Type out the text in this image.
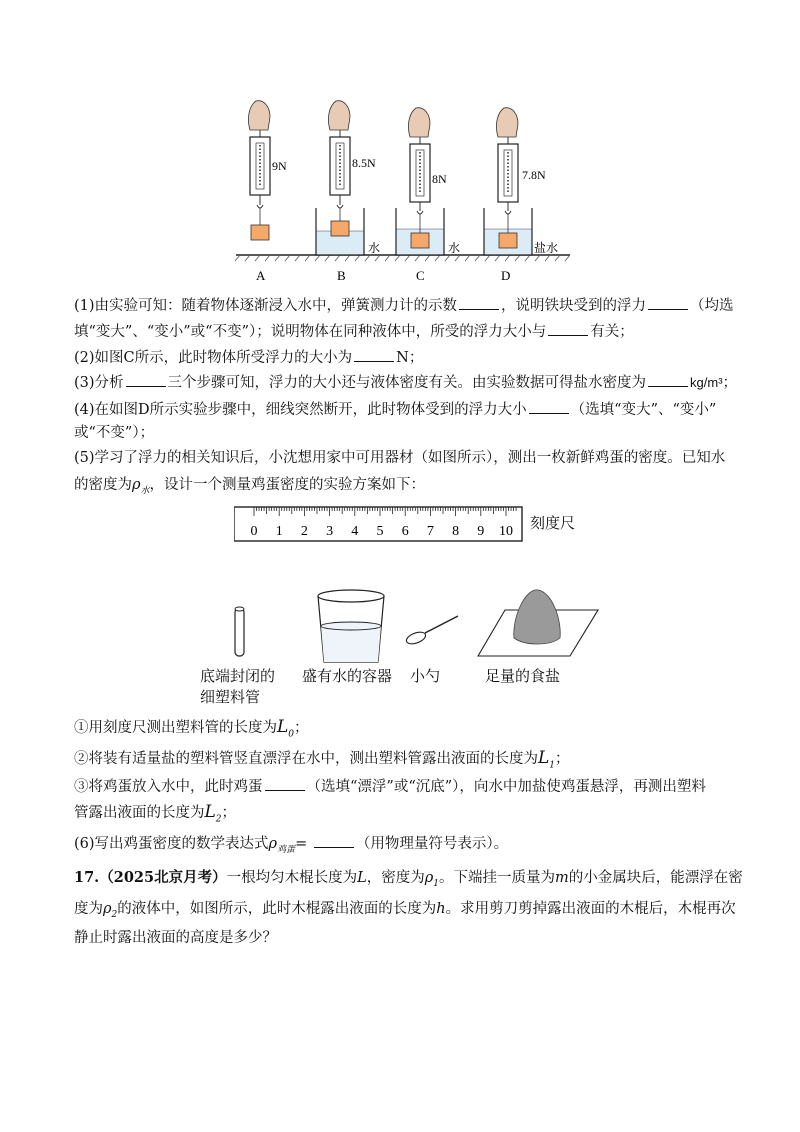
9N	8.5N
水
8N
水
7.8N
盐水
A	B	C	D
(1)由实验可知：随着物体逐渐浸入水中，弹簧测力计的示数	，说明铁块受到的浮力	（均选
填“变大”、“变小”或“不变”）；说明物体在同种液体中，所受的浮力大小与	有关；
(2)如图C所示，此时物体所受浮力的大小为	N；
(3)分析	三个步骤可知，浮力的大小还与液体密度有关。由实验数据可得盐水密度为	kg/m³；
(4)在如图D所示实验步骤中，细线突然断开，此时物体受到的浮力大小	（选填“变大”、“变小”
或“不变”）；
(5)学习了浮力的相关知识后，小沈想用家中可用器材（如图所示），测出一枚新鲜鸡蛋的密度。已知水
的密度为$\rho_水$，设计一个测量鸡蛋密度的实验方案如下：
0 1 2 3 4 5 6 7 8 9 10 刻度尺
底端封闭的
细塑料管
盛有水的容器 小勺	足量的食盐
①用刻度尺测出塑料管的长度为$L_0$；
②将装有适量盐的塑料管竖直漂浮在水中，测出塑料管露出液面的长度为$L_1$；
③将鸡蛋放入水中，此时鸡蛋	（选填“漂浮”或“沉底”），向水中加盐使鸡蛋悬浮，再测出塑料
管露出液面的长度为$L_2$；
(6)写出鸡蛋密度的数学表达式$\rho_{鸡蛋}=$	（用物理量符号表示）。
17.（2025北京月考）一根均匀木棍长度为L，密度为$\rho_1$。下端挂一质量为m的小金属块后，能漂浮在密
度为$\rho_2$的液体中，如图所示，此时木棍露出液面的长度为h。求用剪刀剪掉露出液面的木棍后，木棍再次
静止时露出液面的高度是多少？
